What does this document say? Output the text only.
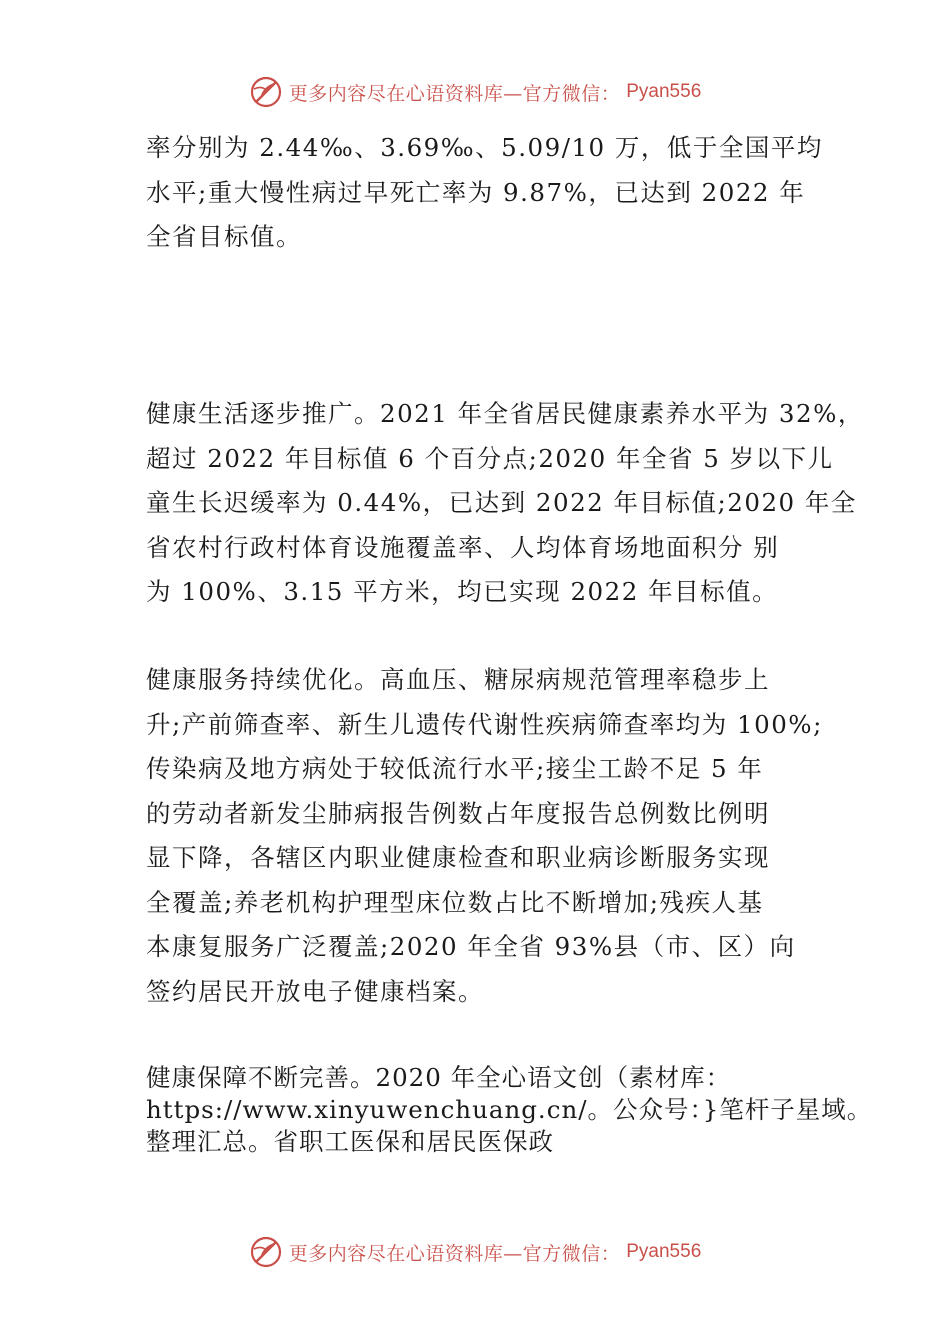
更多内容尽在心语资料库—官方微信： Pyan556
率分别为 2.44‰、3.69‰、5.09/10 万，低于全国平均
水平;重大慢性病过早死亡率为 9.87%，已达到 2022 年
全省目标值。
健康生活逐步推广。2021 年全省居民健康素养水平为 32%，
超过 2022 年目标值 6 个百分点;2020 年全省 5 岁以下儿
童生长迟缓率为 0.44%，已达到 2022 年目标值;2020 年全
省农村行政村体育设施覆盖率、人均体育场地面积分 别
为 100%、3.15 平方米，均已实现 2022 年目标值。
健康服务持续优化。高血压、糖尿病规范管理率稳步上
升;产前筛查率、新生儿遗传代谢性疾病筛查率均为 100%;
传染病及地方病处于较低流行水平;接尘工龄不足 5 年
的劳动者新发尘肺病报告例数占年度报告总例数比例明
显下降，各辖区内职业健康检查和职业病诊断服务实现
全覆盖;养老机构护理型床位数占比不断增加;残疾人基
本康复服务广泛覆盖;2020 年全省 93%县（市、区）向
签约居民开放电子健康档案。
健康保障不断完善。2020 年全心语文创（素材库：
https://www.xinyuwenchuang.cn/。公众号：}笔杆子星域。
整理汇总。省职工医保和居民医保政
更多内容尽在心语资料库—官方微信： Pyan556
